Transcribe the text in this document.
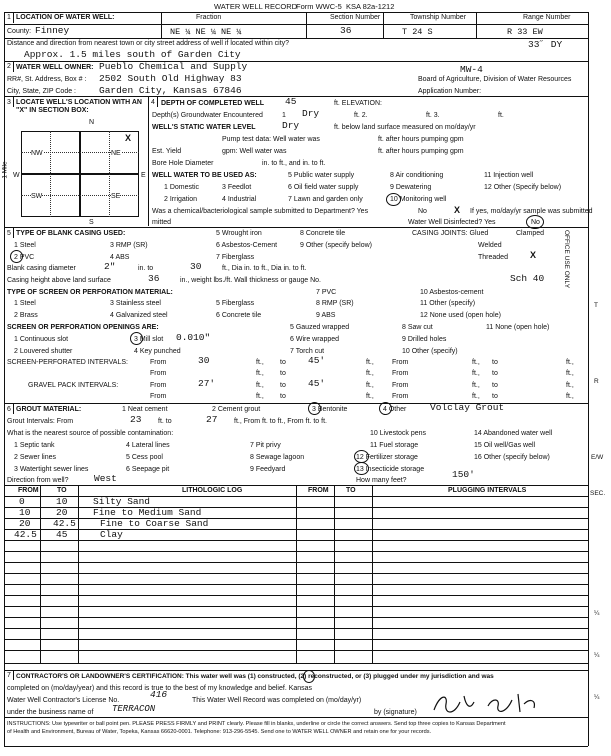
WATER WELL RECORD
Form WWC-5 KSA 82a-1212
1 LOCATION OF WATER WELL:	Fraction	Section Number	Township Number	Range Number
County: Finney	NE ¼ NE ¼ NE ¼	36	T 24 S	R 33 EW
Distance and direction from nearest town or city street address of well if located within city?	33˝ DY
Approx. 1.5 miles south of Garden City
2 WATER WELL OWNER: Pueblo Chemical and Supply	MW-4
RR#, St. Address, Box # : 2502 South Old Highway 83	Board of Agriculture, Division of Water Resources
City, State, ZIP Code : Garden City, Kansas 67846	Application Number:
3 LOCATE WELL'S LOCATION WITH AN "X" IN SECTION BOX:
N
S
W	E
1 Mile
NW	NE
SW	SE
X
4 DEPTH OF COMPLETED WELL 45	ft. ELEVATION:
Depth(s) Groundwater Encountered	1 Dry	ft. 2.	ft. 3.	ft.
WELL'S STATIC WATER LEVEL	Dry	ft. below land surface measured on mo/day/yr
Pump test data: Well water was	ft. after hours pumping gpm
Est. Yield	gpm: Well water was	ft. after hours pumping gpm
Bore Hole Diameter	in. to ft., and in. to ft.
WELL WATER TO BE USED AS:
1 Domestic	3 Feedlot
5 Public water supply	8 Air conditioning	11 Injection well
2 Irrigation	4 Industrial	7 Lawn and garden only
9 Dewatering	12 Other (Specify below)
6 Oil field water supply
10 Monitoring well
Was a chemical/bacteriological sample submitted to Department? Yes	No	X If yes, mo/day/yr sample was submitted
mitted	Water Well Disinfected? Yes	No
5 TYPE OF BLANK CASING USED:
1 Steel	3 RMP (SR)
5 Wrought iron	8 Concrete tile
2 PVC	4 ABS
6 Asbestos-Cement	9 Other (specify below)
7 Fiberglass
CASING JOINTS: Glued	Clamped
Welded
Threaded X
Blank casing diameter	2"	in. to	30	ft., Dia in. to ft., Dia in. to ft.
Casing height above land surface	36	in., weight lbs./ft. Wall thickness or gauge No.	Sch 40
TYPE OF SCREEN OR PERFORATION MATERIAL:
1 Steel	3 Stainless steel	5 Fiberglass
7 PVC	10 Asbestos-cement
2 Brass	4 Galvanized steel	6 Concrete tile
8 RMP (SR)	11 Other (specify)
9 ABS	12 None used (open hole)
SCREEN OR PERFORATION OPENINGS ARE:	5 Gauzed wrapped	8 Saw cut	11 None (open hole)
1 Continuous slot	3 Mill slot 0.010"	6 Wire wrapped	9 Drilled holes
2 Louvered shutter	4 Key punched	7 Torch cut	10 Other (specify)
SCREEN-PERFORATED INTERVALS:	From	30	ft., to 45'	ft.,	From	ft., to	ft.,
From	ft., to	ft.,	From	ft., to	ft.,
GRAVEL PACK INTERVALS:	From	27'	ft., to 45'	ft.,	From	ft., to	ft.,
From	ft., to	ft.,	From	ft., to	ft.,
6 GROUT MATERIAL:	1 Neat cement	2 Cement grout	3 Bentonite	4 Other Volclay Grout
Grout Intervals: From	23 ft. to	27 ft., From ft. to ft., From ft. to ft.
What is the nearest source of possible contamination:	10 Livestock pens	14 Abandoned water well
1 Septic tank	4 Lateral lines	7 Pit privy	11 Fuel storage	15 Oil well/Gas well
2 Sewer lines	5 Cess pool	8 Sewage lagoon	12 Fertilizer storage	16 Other (specify below)
3 Watertight sewer lines	6 Seepage pit	9 Feedyard	13 Insecticide storage
Direction from well?	West	How many feet?
150'
FROM	TO	LITHOLOGIC LOG	FROM TO	PLUGGING INTERVALS
0	10	Silty Sand
10	20	Fine to Medium Sand
20 42.5	Fine to Coarse Sand
42.5 45	Clay
7 CONTRACTOR'S OR LANDOWNER'S CERTIFICATION: This water well was (1) constructed, (2) reconstructed, or (3) plugged under my jurisdiction and was
completed on (mo/day/year) and this record is true to the best of my knowledge and belief. Kansas
Water Well Contractor's License No.
416
This Water Well Record was completed on (mo/day/yr)
under the business name of TERRACON	by (signature)
INSTRUCTIONS: Use typewriter or ball point pen. PLEASE PRESS FIRMLY and PRINT clearly. Please fill in blanks, underline or circle the correct answers. Send top three copies to Kansas Department
of Health and Environment, Bureau of Water, Topeka, Kansas 66620-0001. Telephone: 913-296-5545. Send one to WATER WELL OWNER and retain one for your records.
OFFICE USE ONLY
T
R
E/W
SEC.
¼
¼
¼
